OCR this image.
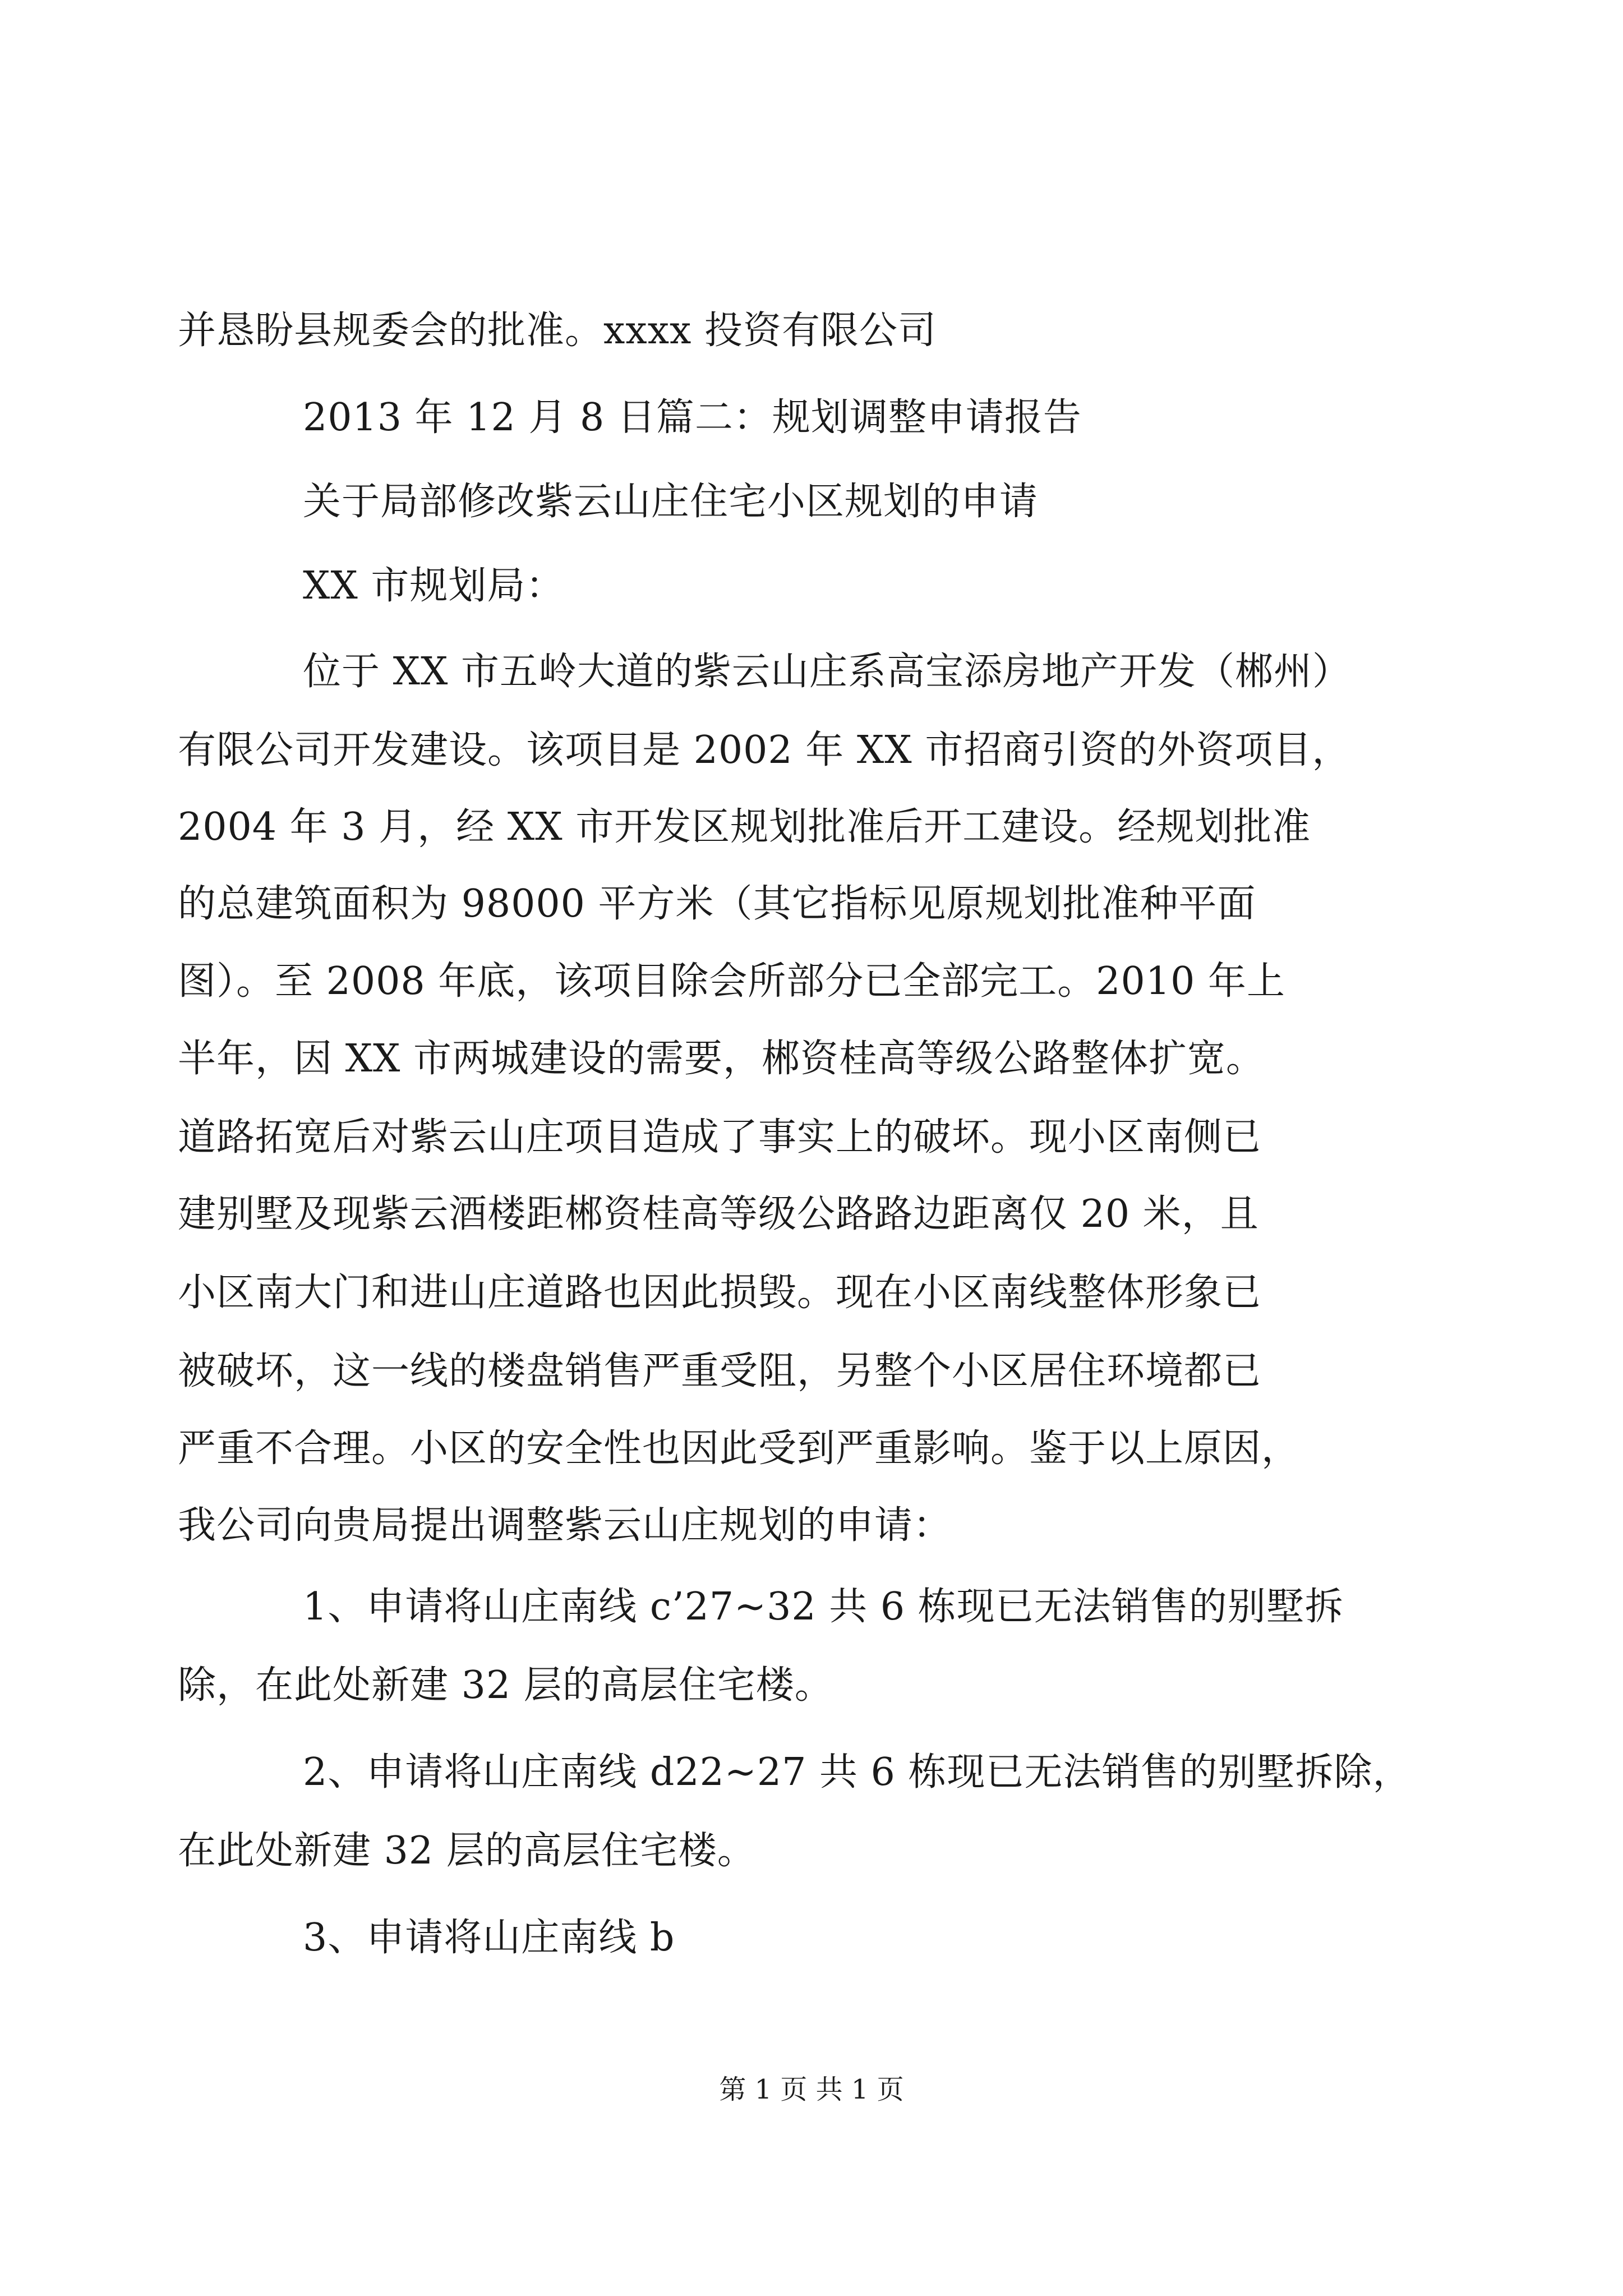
并恳盼县规委会的批准。xxxx 投资有限公司
2013 年 12 月 8 日篇二：规划调整申请报告
关于局部修改紫云山庄住宅小区规划的申请
XX 市规划局：
位于 XX 市五岭大道的紫云山庄系高宝添房地产开发（郴州）
有限公司开发建设。该项目是 2002 年 XX 市招商引资的外资项目，
2004 年 3 月，经 XX 市开发区规划批准后开工建设。经规划批准
的总建筑面积为 98000 平方米（其它指标见原规划批准种平面
图）。至 2008 年底，该项目除会所部分已全部完工。2010 年上
半年，因 XX 市两城建设的需要，郴资桂高等级公路整体扩宽。
道路拓宽后对紫云山庄项目造成了事实上的破坏。现小区南侧已
建别墅及现紫云酒楼距郴资桂高等级公路路边距离仅 20 米，且
小区南大门和进山庄道路也因此损毁。现在小区南线整体形象已
被破坏，这一线的楼盘销售严重受阻，另整个小区居住环境都已
严重不合理。小区的安全性也因此受到严重影响。鉴于以上原因，
我公司向贵局提出调整紫云山庄规划的申请：
1、申请将山庄南线 c’27~32 共 6 栋现已无法销售的别墅拆
除，在此处新建 32 层的高层住宅楼。
2、申请将山庄南线 d22~27 共 6 栋现已无法销售的别墅拆除，
在此处新建 32 层的高层住宅楼。
3、申请将山庄南线 b
第 1 页 共 1 页
